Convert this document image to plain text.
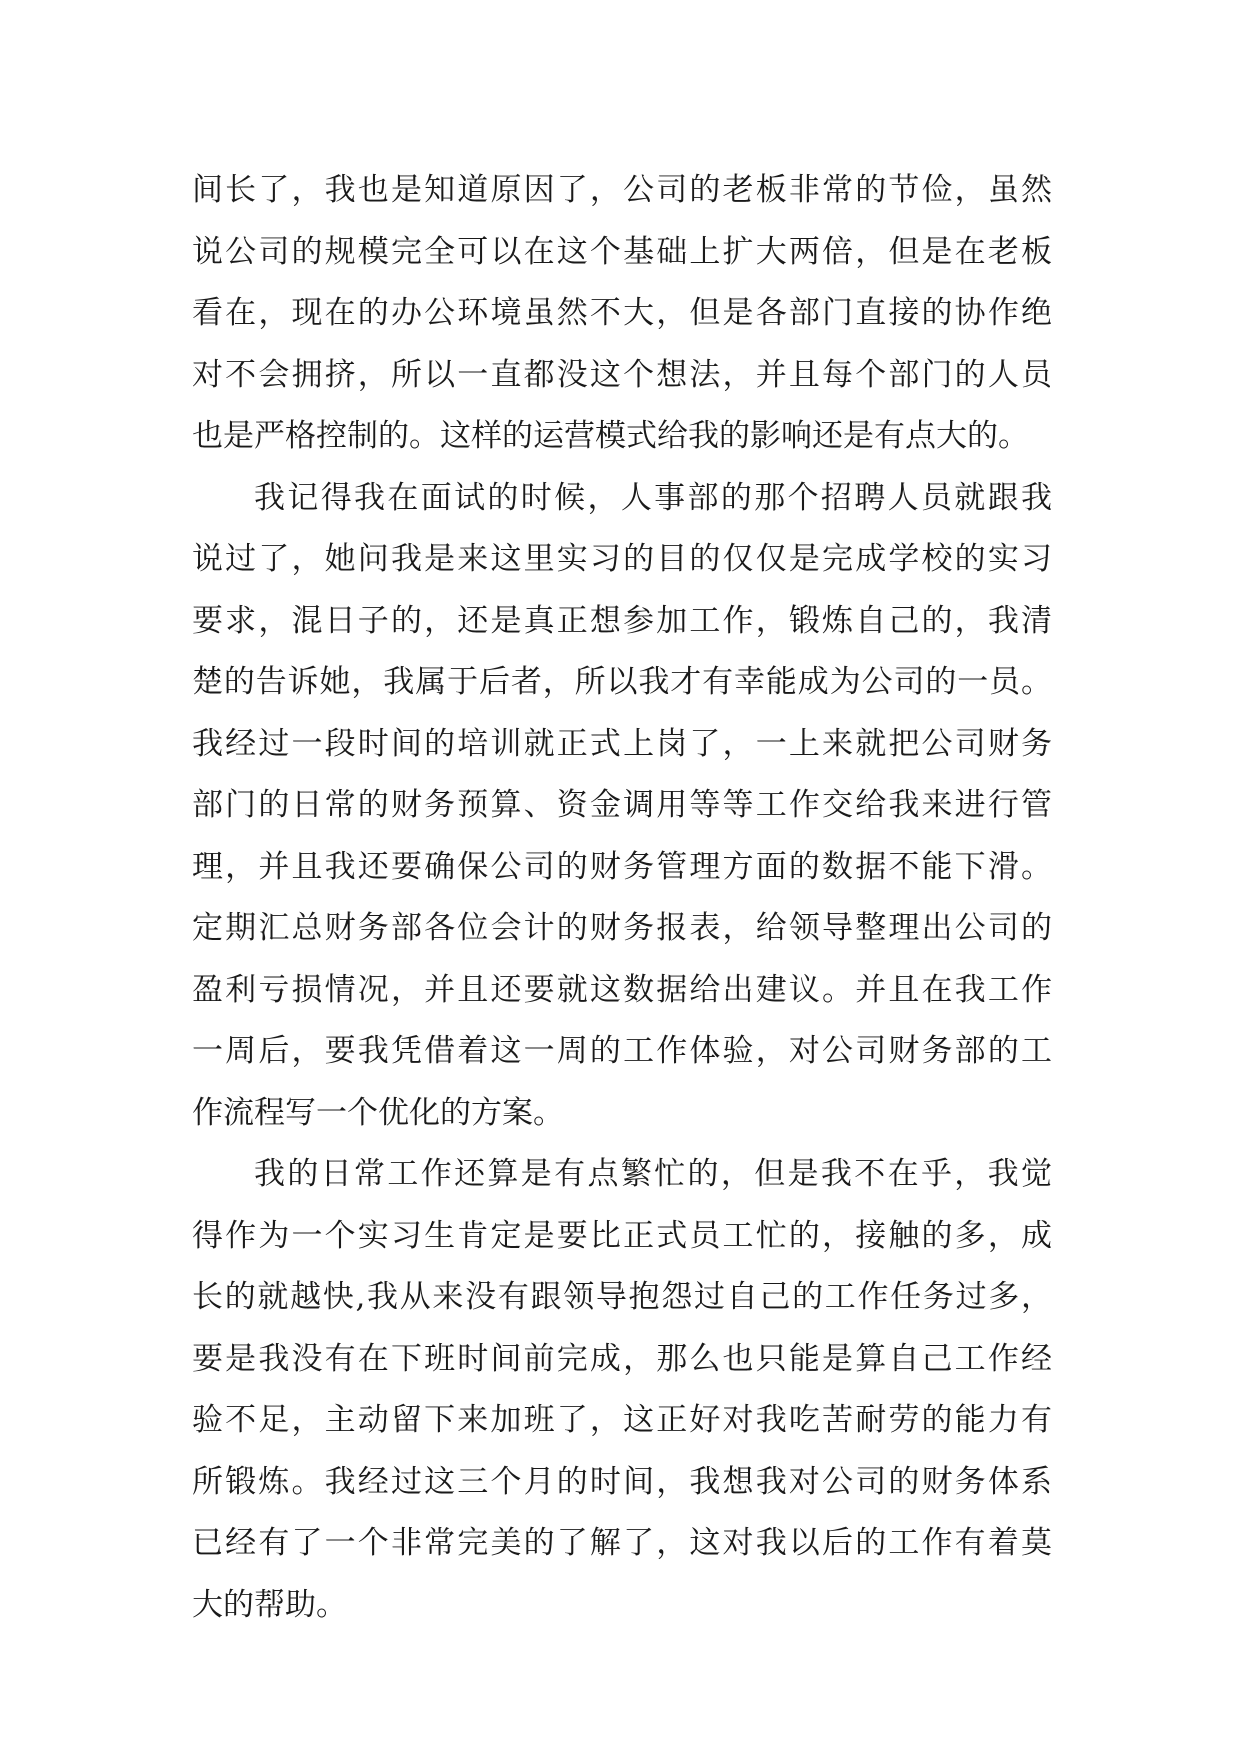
间长了，我也是知道原因了，公司的老板非常的节俭，虽然
说公司的规模完全可以在这个基础上扩大两倍，但是在老板
看在，现在的办公环境虽然不大，但是各部门直接的协作绝
对不会拥挤，所以一直都没这个想法，并且每个部门的人员
也是严格控制的。这样的运营模式给我的影响还是有点大的。
我记得我在面试的时候，人事部的那个招聘人员就跟我
说过了，她问我是来这里实习的目的仅仅是完成学校的实习
要求，混日子的，还是真正想参加工作，锻炼自己的，我清
楚的告诉她，我属于后者，所以我才有幸能成为公司的一员。
我经过一段时间的培训就正式上岗了，一上来就把公司财务
部门的日常的财务预算、资金调用等等工作交给我来进行管
理，并且我还要确保公司的财务管理方面的数据不能下滑。
定期汇总财务部各位会计的财务报表，给领导整理出公司的
盈利亏损情况，并且还要就这数据给出建议。并且在我工作
一周后，要我凭借着这一周的工作体验，对公司财务部的工
作流程写一个优化的方案。
我的日常工作还算是有点繁忙的，但是我不在乎，我觉
得作为一个实习生肯定是要比正式员工忙的，接触的多，成
长的就越快,我从来没有跟领导抱怨过自己的工作任务过多，
要是我没有在下班时间前完成，那么也只能是算自己工作经
验不足，主动留下来加班了，这正好对我吃苦耐劳的能力有
所锻炼。我经过这三个月的时间，我想我对公司的财务体系
已经有了一个非常完美的了解了，这对我以后的工作有着莫
大的帮助。
